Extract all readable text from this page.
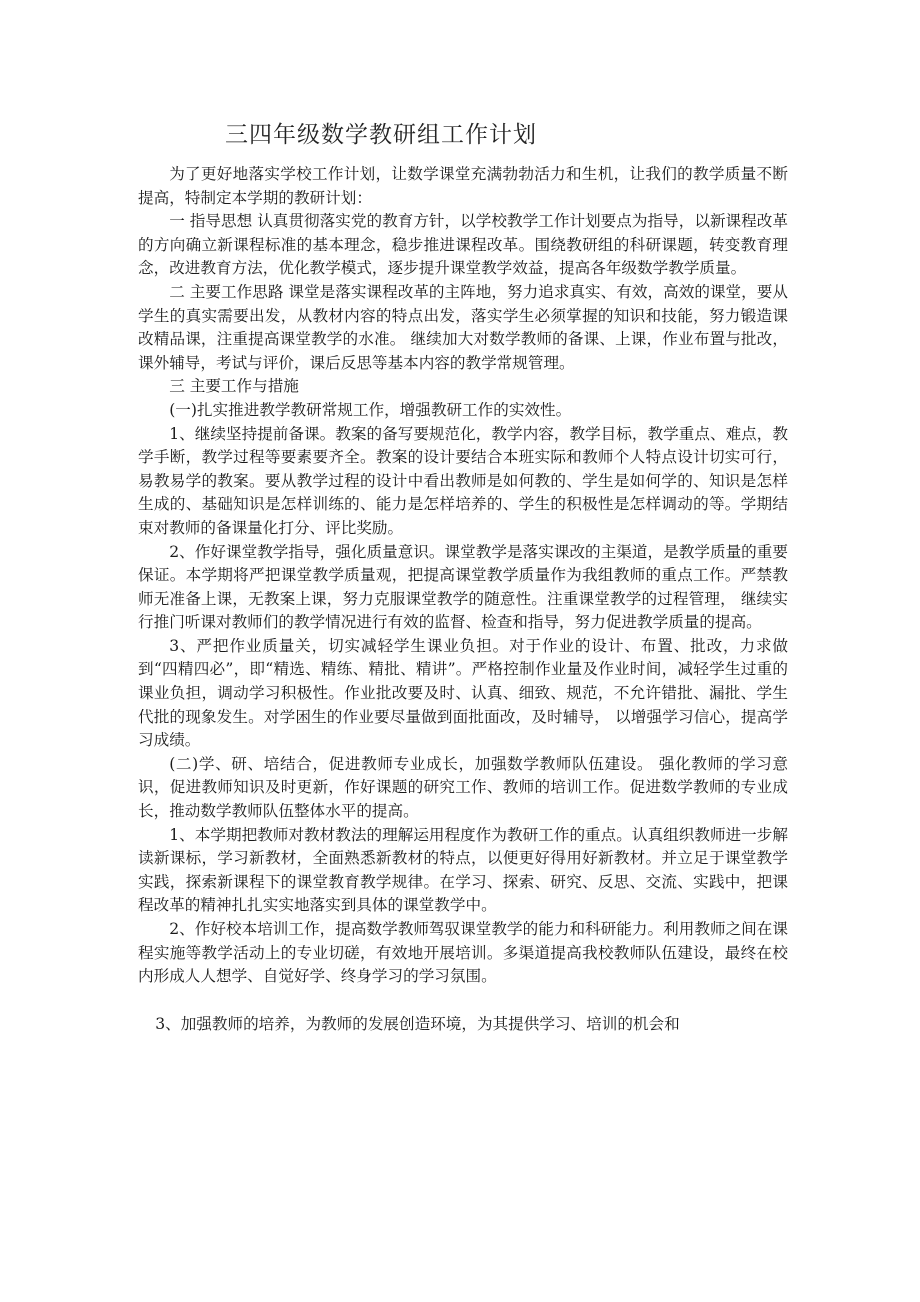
三四年级数学教研组工作计划

为了更好地落实学校工作计划，让数学课堂充满勃勃活力和生机，让我们的教学质量不断提高，特制定本学期的教研计划：

一 指导思想 认真贯彻落实党的教育方针，以学校教学工作计划要点为指导，以新课程改革的方向确立新课程标准的基本理念，稳步推进课程改革。围绕教研组的科研课题，转变教育理念，改进教育方法，优化教学模式，逐步提升课堂教学效益，提高各年级数学教学质量。

二 主要工作思路 课堂是落实课程改革的主阵地，努力追求真实、有效，高效的课堂，要从学生的真实需要出发，从教材内容的特点出发，落实学生必须掌握的知识和技能，努力锻造课改精品课，注重提高课堂教学的水准。 继续加大对数学教师的备课、上课，作业布置与批改，课外辅导，考试与评价，课后反思等基本内容的教学常规管理。

三 主要工作与措施

(一)扎实推进教学教研常规工作，增强教研工作的实效性。

1、继续坚持提前备课。教案的备写要规范化，教学内容，教学目标，教学重点、难点，教学手断，教学过程等要素要齐全。教案的设计要结合本班实际和教师个人特点设计切实可行，易教易学的教案。要从教学过程的设计中看出教师是如何教的、学生是如何学的、知识是怎样生成的、基础知识是怎样训练的、能力是怎样培养的、学生的积极性是怎样调动的等。学期结束对教师的备课量化打分、评比奖励。

2、作好课堂教学指导，强化质量意识。课堂教学是落实课改的主渠道，是教学质量的重要保证。本学期将严把课堂教学质量观，把提高课堂教学质量作为我组教师的重点工作。严禁教师无准备上课，无教案上课，努力克服课堂教学的随意性。注重课堂教学的过程管理， 继续实行推门听课对教师们的教学情况进行有效的监督、检查和指导，努力促进教学质量的提高。

3、严把作业质量关，切实减轻学生课业负担。对于作业的设计、布置、批改，力求做到“四精四必”，即“精选、精练、精批、精讲”。严格控制作业量及作业时间，减轻学生过重的课业负担，调动学习积极性。作业批改要及时、认真、细致、规范，不允许错批、漏批、学生代批的现象发生。对学困生的作业要尽量做到面批面改，及时辅导， 以增强学习信心，提高学习成绩。

(二)学、研、培结合，促进教师专业成长，加强数学教师队伍建设。 强化教师的学习意识，促进教师知识及时更新，作好课题的研究工作、教师的培训工作。促进数学教师的专业成长，推动数学教师队伍整体水平的提高。

1、本学期把教师对教材教法的理解运用程度作为教研工作的重点。认真组织教师进一步解读新课标，学习新教材，全面熟悉新教材的特点，以便更好得用好新教材。并立足于课堂教学实践，探索新课程下的课堂教育教学规律。在学习、探索、研究、反思、交流、实践中，把课程改革的精神扎扎实实地落实到具体的课堂教学中。

2、作好校本培训工作，提高数学教师驾驭课堂教学的能力和科研能力。利用教师之间在课程实施等教学活动上的专业切磋，有效地开展培训。多渠道提高我校教师队伍建设，最终在校内形成人人想学、自觉好学、终身学习的学习氛围。

3、加强教师的培养，为教师的发展创造环境，为其提供学习、培训的机会和
